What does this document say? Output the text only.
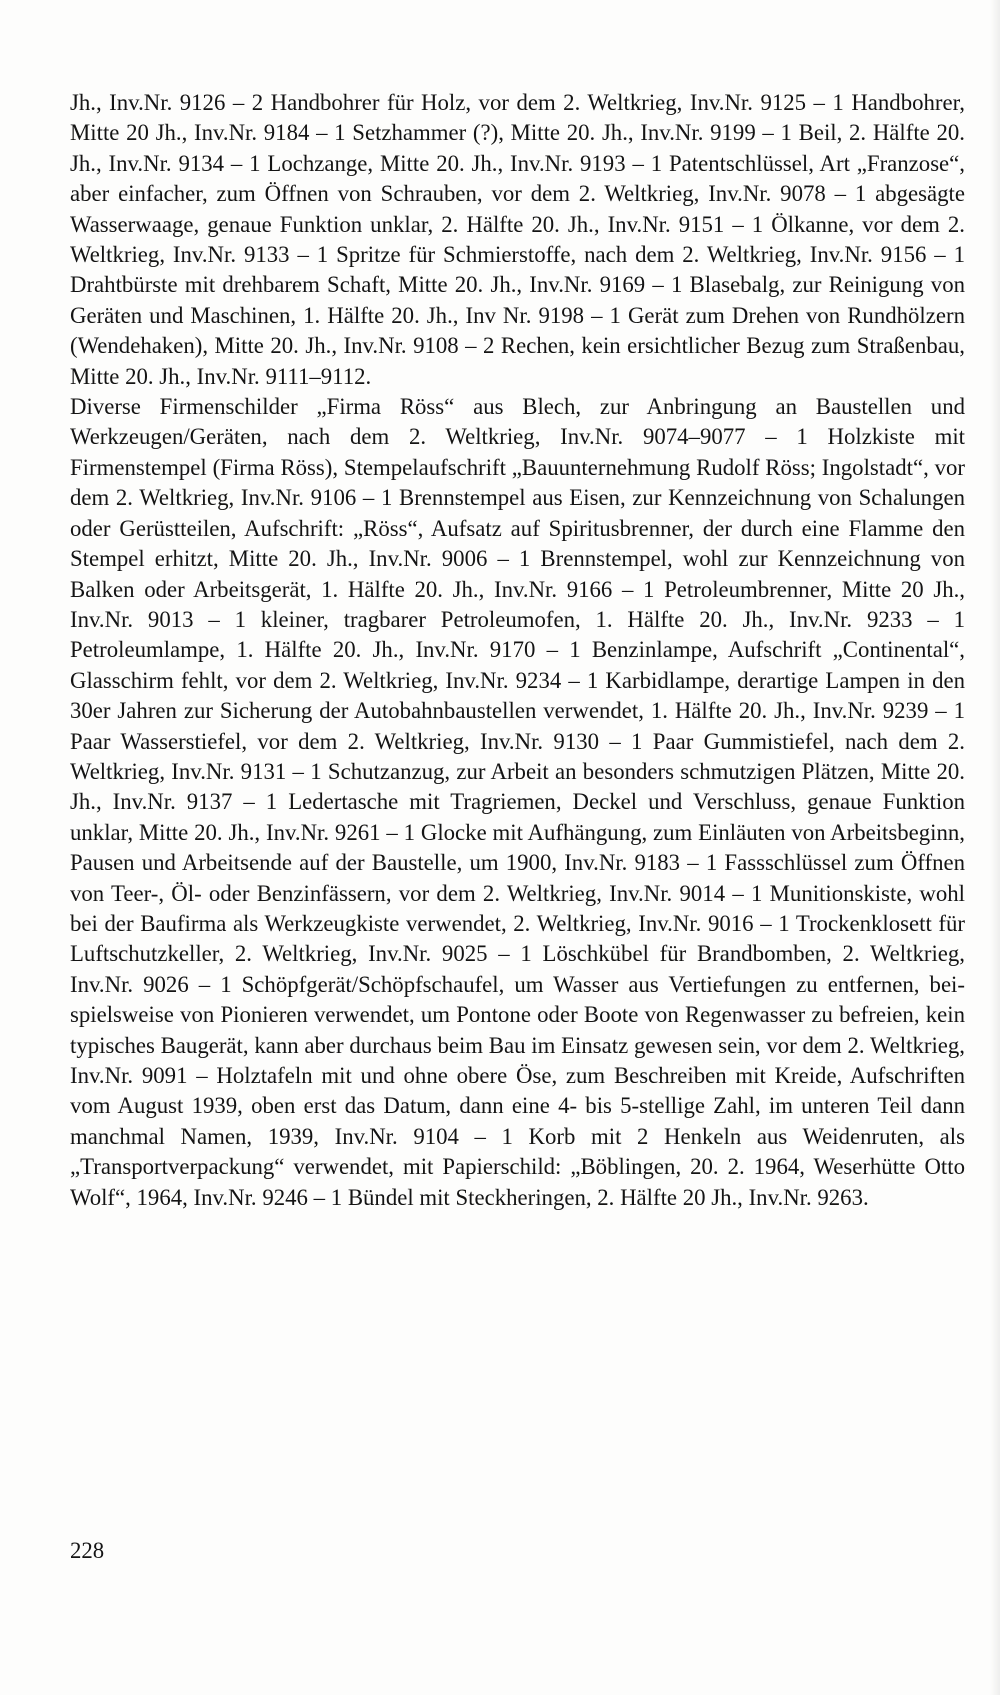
Jh., Inv.Nr. 9126 – 2 Handbohrer für Holz, vor dem 2. Weltkrieg, Inv.Nr. 9125 – 1 Handbohrer, Mitte 20 Jh., Inv.Nr. 9184 – 1 Setzhammer (?), Mitte 20. Jh., Inv.Nr. 9199 – 1 Beil, 2. Hälfte 20. Jh., Inv.Nr. 9134 – 1 Lochzange, Mitte 20. Jh., Inv.Nr. 9193 – 1 Patentschlüssel, Art „Franzose“, aber einfacher, zum Öffnen von Schrauben, vor dem 2. Weltkrieg, Inv.Nr. 9078 – 1 abgesägte Wasserwaage, genaue Funktion unklar, 2. Hälfte 20. Jh., Inv.Nr. 9151 – 1 Ölkanne, vor dem 2. Weltkrieg, Inv.Nr. 9133 – 1 Spritze für Schmierstoffe, nach dem 2. Weltkrieg, Inv.Nr. 9156 – 1 Drahtbürste mit drehbarem Schaft, Mitte 20. Jh., Inv.Nr. 9169 – 1 Blasebalg, zur Reinigung von Geräten und Maschinen, 1. Hälfte 20. Jh., Inv Nr. 9198 – 1 Gerät zum Drehen von Rundhölzern (Wendehaken), Mitte 20. Jh., Inv.Nr. 9108 – 2 Rechen, kein ersichtlicher Bezug zum Straßenbau, Mitte 20. Jh., Inv.Nr. 9111–9112.

Diverse Firmenschilder „Firma Röss“ aus Blech, zur Anbringung an Baustellen und Werkzeugen/Geräten, nach dem 2. Weltkrieg, Inv.Nr. 9074–9077 – 1 Holzkiste mit Firmenstempel (Firma Röss), Stempelaufschrift „Bauunternehmung Rudolf Röss; Ingolstadt“, vor dem 2. Weltkrieg, Inv.Nr. 9106 – 1 Brennstempel aus Eisen, zur Kennzeichnung von Schalungen oder Gerüstteilen, Aufschrift: „Röss“, Aufsatz auf Spiritusbrenner, der durch eine Flamme den Stempel erhitzt, Mitte 20. Jh., Inv.Nr. 9006 – 1 Brennstempel, wohl zur Kennzeichnung von Balken oder Arbeitsgerät, 1. Hälfte 20. Jh., Inv.Nr. 9166 – 1 Petroleumbrenner, Mitte 20 Jh., Inv.Nr. 9013 – 1 kleiner, tragbarer Petroleumofen, 1. Hälfte 20. Jh., Inv.Nr. 9233 – 1 Petroleumlampe, 1. Hälfte 20. Jh., Inv.Nr. 9170 – 1 Benzinlampe, Aufschrift „Continental“, Glasschirm fehlt, vor dem 2. Weltkrieg, Inv.Nr. 9234 – 1 Karbidlampe, derartige Lampen in den 30er Jahren zur Sicherung der Autobahnbaustellen verwendet, 1. Hälfte 20. Jh., Inv.Nr. 9239 – 1 Paar Wasserstiefel, vor dem 2. Weltkrieg, Inv.Nr. 9130 – 1 Paar Gummistiefel, nach dem 2. Weltkrieg, Inv.Nr. 9131 – 1 Schutzanzug, zur Arbeit an besonders schmutzigen Plätzen, Mitte 20. Jh., Inv.Nr. 9137 – 1 Ledertasche mit Tragriemen, Deckel und Verschluss, genaue Funktion unklar, Mitte 20. Jh., Inv.Nr. 9261 – 1 Glocke mit Aufhängung, zum Einläuten von Arbeitsbeginn, Pausen und Arbeitsende auf der Baustelle, um 1900, Inv.Nr. 9183 – 1 Fassschlüssel zum Öffnen von Teer-, Öl- oder Benzinfässern, vor dem 2. Weltkrieg, Inv.Nr. 9014 – 1 Munitionskiste, wohl bei der Baufirma als Werkzeugkiste verwendet, 2. Weltkrieg, Inv.Nr. 9016 – 1 Trockenklosett für Luftschutzkeller, 2. Weltkrieg, Inv.Nr. 9025 – 1 Löschkübel für Brandbomben, 2. Weltkrieg, Inv.Nr. 9026 – 1 Schöpfgerät/Schöpfschaufel, um Wasser aus Vertiefungen zu entfernen, beispielsweise von Pionieren verwendet, um Pontone oder Boote von Regenwasser zu befreien, kein typisches Baugerät, kann aber durchaus beim Bau im Einsatz gewesen sein, vor dem 2. Weltkrieg, Inv.Nr. 9091 – Holztafeln mit und ohne obere Öse, zum Beschreiben mit Kreide, Aufschriften vom August 1939, oben erst das Datum, dann eine 4- bis 5-stellige Zahl, im unteren Teil dann manchmal Namen, 1939, Inv.Nr. 9104 – 1 Korb mit 2 Henkeln aus Weidenruten, als „Transportverpackung“ verwendet, mit Papierschild: „Böblingen, 20. 2. 1964, Weserhütte Otto Wolf“, 1964, Inv.Nr. 9246 – 1 Bündel mit Steckheringen, 2. Hälfte 20 Jh., Inv.Nr. 9263.

228
